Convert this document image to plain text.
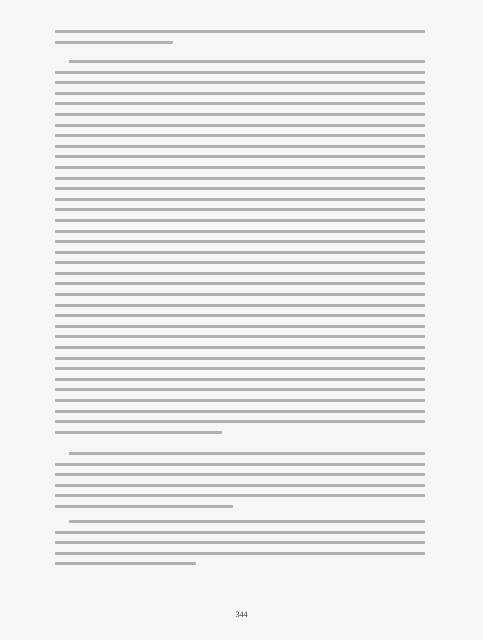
344
